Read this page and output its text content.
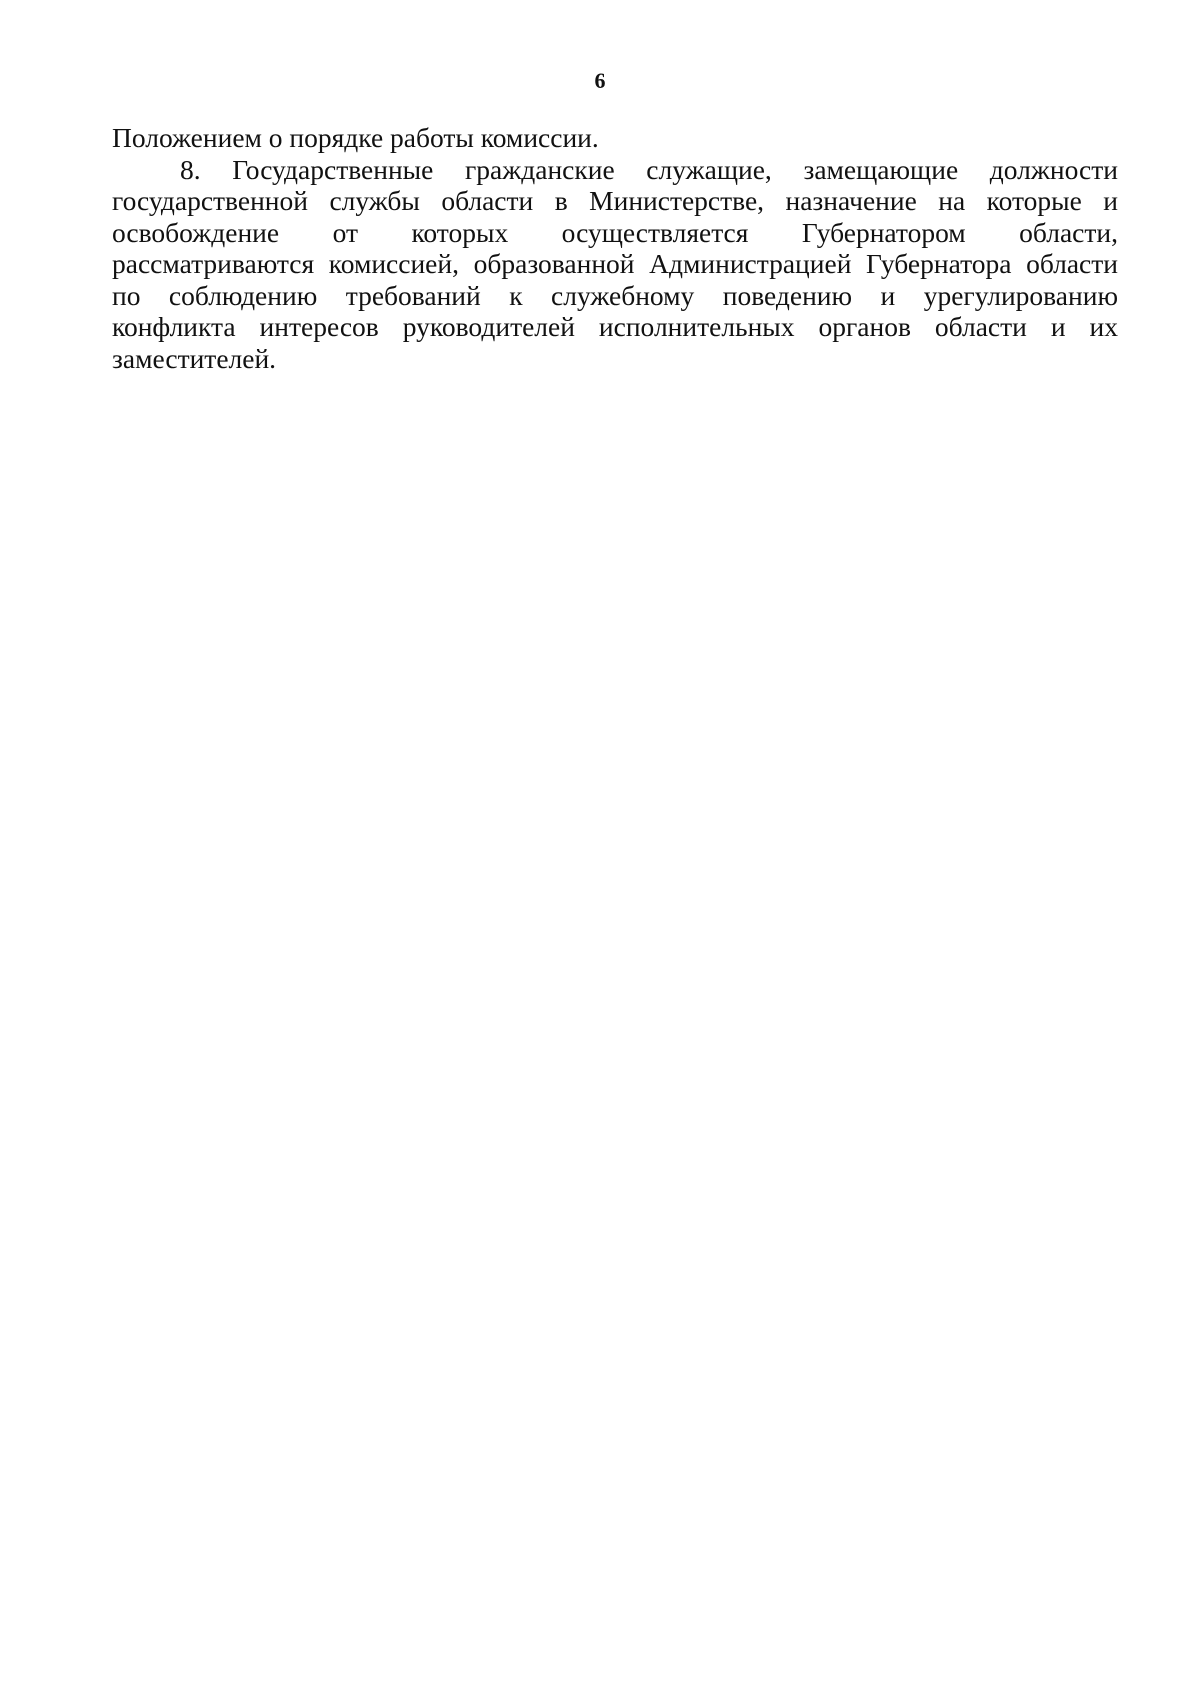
6
Положением о порядке работы комиссии.
8. Государственные гражданские служащие, замещающие должности
государственной службы области в Министерстве, назначение на которые и
освобождение от которых осуществляется Губернатором области,
рассматриваются комиссией, образованной Администрацией Губернатора области
по соблюдению требований к служебному поведению и урегулированию
конфликта интересов руководителей исполнительных органов области и их
заместителей.
